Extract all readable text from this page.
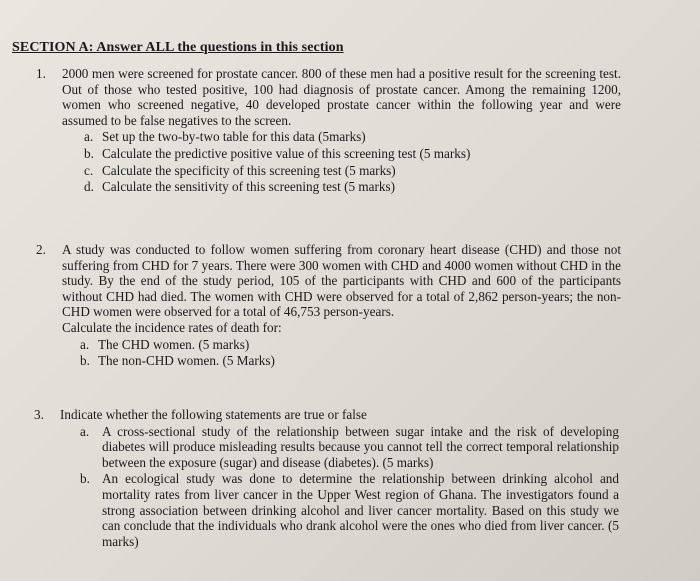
SECTION A: Answer ALL the questions in this section
1. 2000 men were screened for prostate cancer. 800 of these men had a positive result for the screening test. Out of those who tested positive, 100 had diagnosis of prostate cancer. Among the remaining 1200, women who screened negative, 40 developed prostate cancer within the following year and were assumed to be false negatives to the screen.

a. Set up the two-by-two table for this data (5marks)
b. Calculate the predictive positive value of this screening test (5 marks)
c. Calculate the specificity of this screening test (5 marks)
d. Calculate the sensitivity of this screening test (5 marks)
2. A study was conducted to follow women suffering from coronary heart disease (CHD) and those not suffering from CHD for 7 years. There were 300 women with CHD and 4000 women without CHD in the study. By the end of the study period, 105 of the participants with CHD and 600 of the participants without CHD had died. The women with CHD were observed for a total of 2,862 person-years; the non-CHD women were observed for a total of 46,753 person-years.

Calculate the incidence rates of death for:

a. The CHD women. (5 marks)
b. The non-CHD women. (5 Marks)
3. Indicate whether the following statements are true or false

a. A cross-sectional study of the relationship between sugar intake and the risk of developing diabetes will produce misleading results because you cannot tell the correct temporal relationship between the exposure (sugar) and disease (diabetes). (5 marks)
b. An ecological study was done to determine the relationship between drinking alcohol and mortality rates from liver cancer in the Upper West region of Ghana. The investigators found a strong association between drinking alcohol and liver cancer mortality. Based on this study we can conclude that the individuals who drank alcohol were the ones who died from liver cancer. (5 marks)
